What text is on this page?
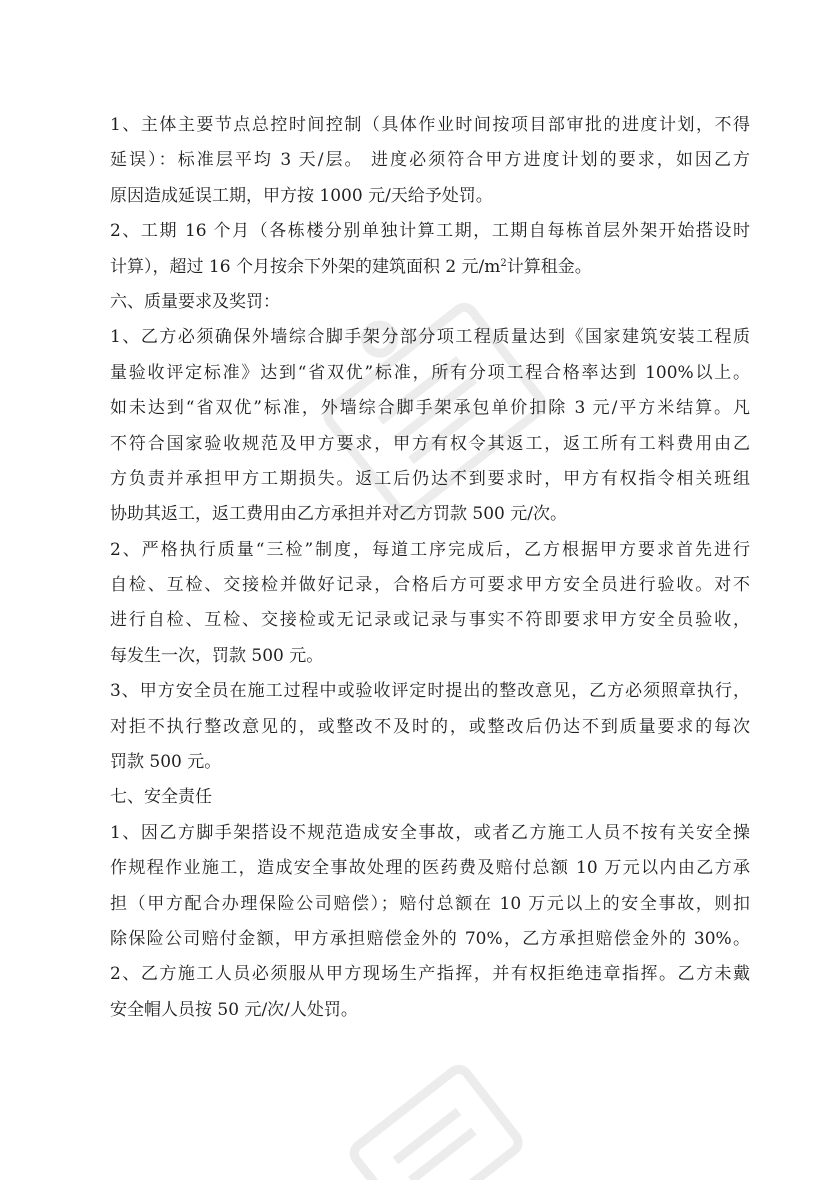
1、主体主要节点总控时间控制（具体作业时间按项目部审批的进度计划，不得
延误）：标准层平均 3 天/层。 进度必须符合甲方进度计划的要求，如因乙方
原因造成延误工期，甲方按 1000 元/天给予处罚。
2、工期 16 个月（各栋楼分别单独计算工期，工期自每栋首层外架开始搭设时
计算），超过 16 个月按余下外架的建筑面积 2 元$/m^2$计算租金。
六、质量要求及奖罚：
1、乙方必须确保外墙综合脚手架分部分项工程质量达到《国家建筑安装工程质
量验收评定标准》达到“省双优”标准，所有分项工程合格率达到 100%以上。
如未达到“省双优”标准，外墙综合脚手架承包单价扣除 3 元/平方米结算。凡
不符合国家验收规范及甲方要求，甲方有权令其返工，返工所有工料费用由乙
方负责并承担甲方工期损失。返工后仍达不到要求时，甲方有权指令相关班组
协助其返工，返工费用由乙方承担并对乙方罚款 500 元/次。
2、严格执行质量“三检”制度，每道工序完成后，乙方根据甲方要求首先进行
自检、互检、交接检并做好记录，合格后方可要求甲方安全员进行验收。对不
进行自检、互检、交接检或无记录或记录与事实不符即要求甲方安全员验收，
每发生一次，罚款 500 元。
3、甲方安全员在施工过程中或验收评定时提出的整改意见，乙方必须照章执行，
对拒不执行整改意见的，或整改不及时的，或整改后仍达不到质量要求的每次
罚款 500 元。
七、安全责任
1、因乙方脚手架搭设不规范造成安全事故，或者乙方施工人员不按有关安全操
作规程作业施工，造成安全事故处理的医药费及赔付总额 10 万元以内由乙方承
担（甲方配合办理保险公司赔偿）；赔付总额在 10 万元以上的安全事故，则扣
除保险公司赔付金额，甲方承担赔偿金外的 70%，乙方承担赔偿金外的 30%。
2、乙方施工人员必须服从甲方现场生产指挥，并有权拒绝违章指挥。乙方未戴
安全帽人员按 50 元/次/人处罚。
